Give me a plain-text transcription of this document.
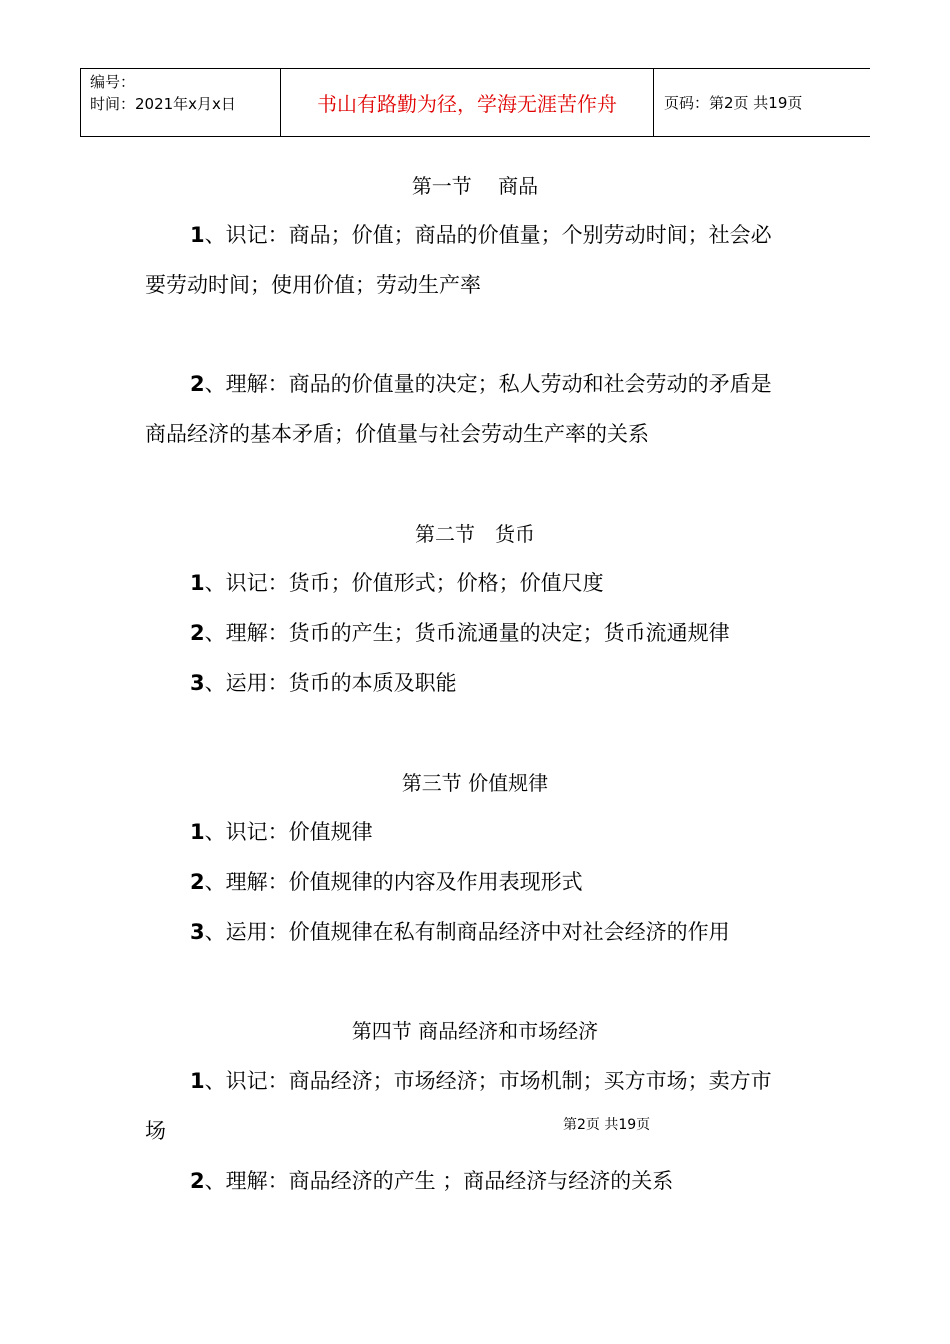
编号：
时间：2021年x月x日	书山有路勤为径，学海无涯苦作舟	页码：第2页 共19页
第一节　 商品
1、识记：商品；价值；商品的价值量；个别劳动时间；社会必
要劳动时间；使用价值；劳动生产率
2、理解：商品的价值量的决定；私人劳动和社会劳动的矛盾是
商品经济的基本矛盾；价值量与社会劳动生产率的关系
第二节　货币
1、识记：货币；价值形式；价格；价值尺度
2、理解：货币的产生；货币流通量的决定；货币流通规律
3、运用：货币的本质及职能
第三节 价值规律
1、识记：价值规律
2、理解：价值规律的内容及作用表现形式
3、运用：价值规律在私有制商品经济中对社会经济的作用
第四节 商品经济和市场经济
1、识记：商品经济；市场经济；市场机制；买方市场；卖方市
场
2、理解：商品经济的产生 ；商品经济与经济的关系
第2页 共19页
